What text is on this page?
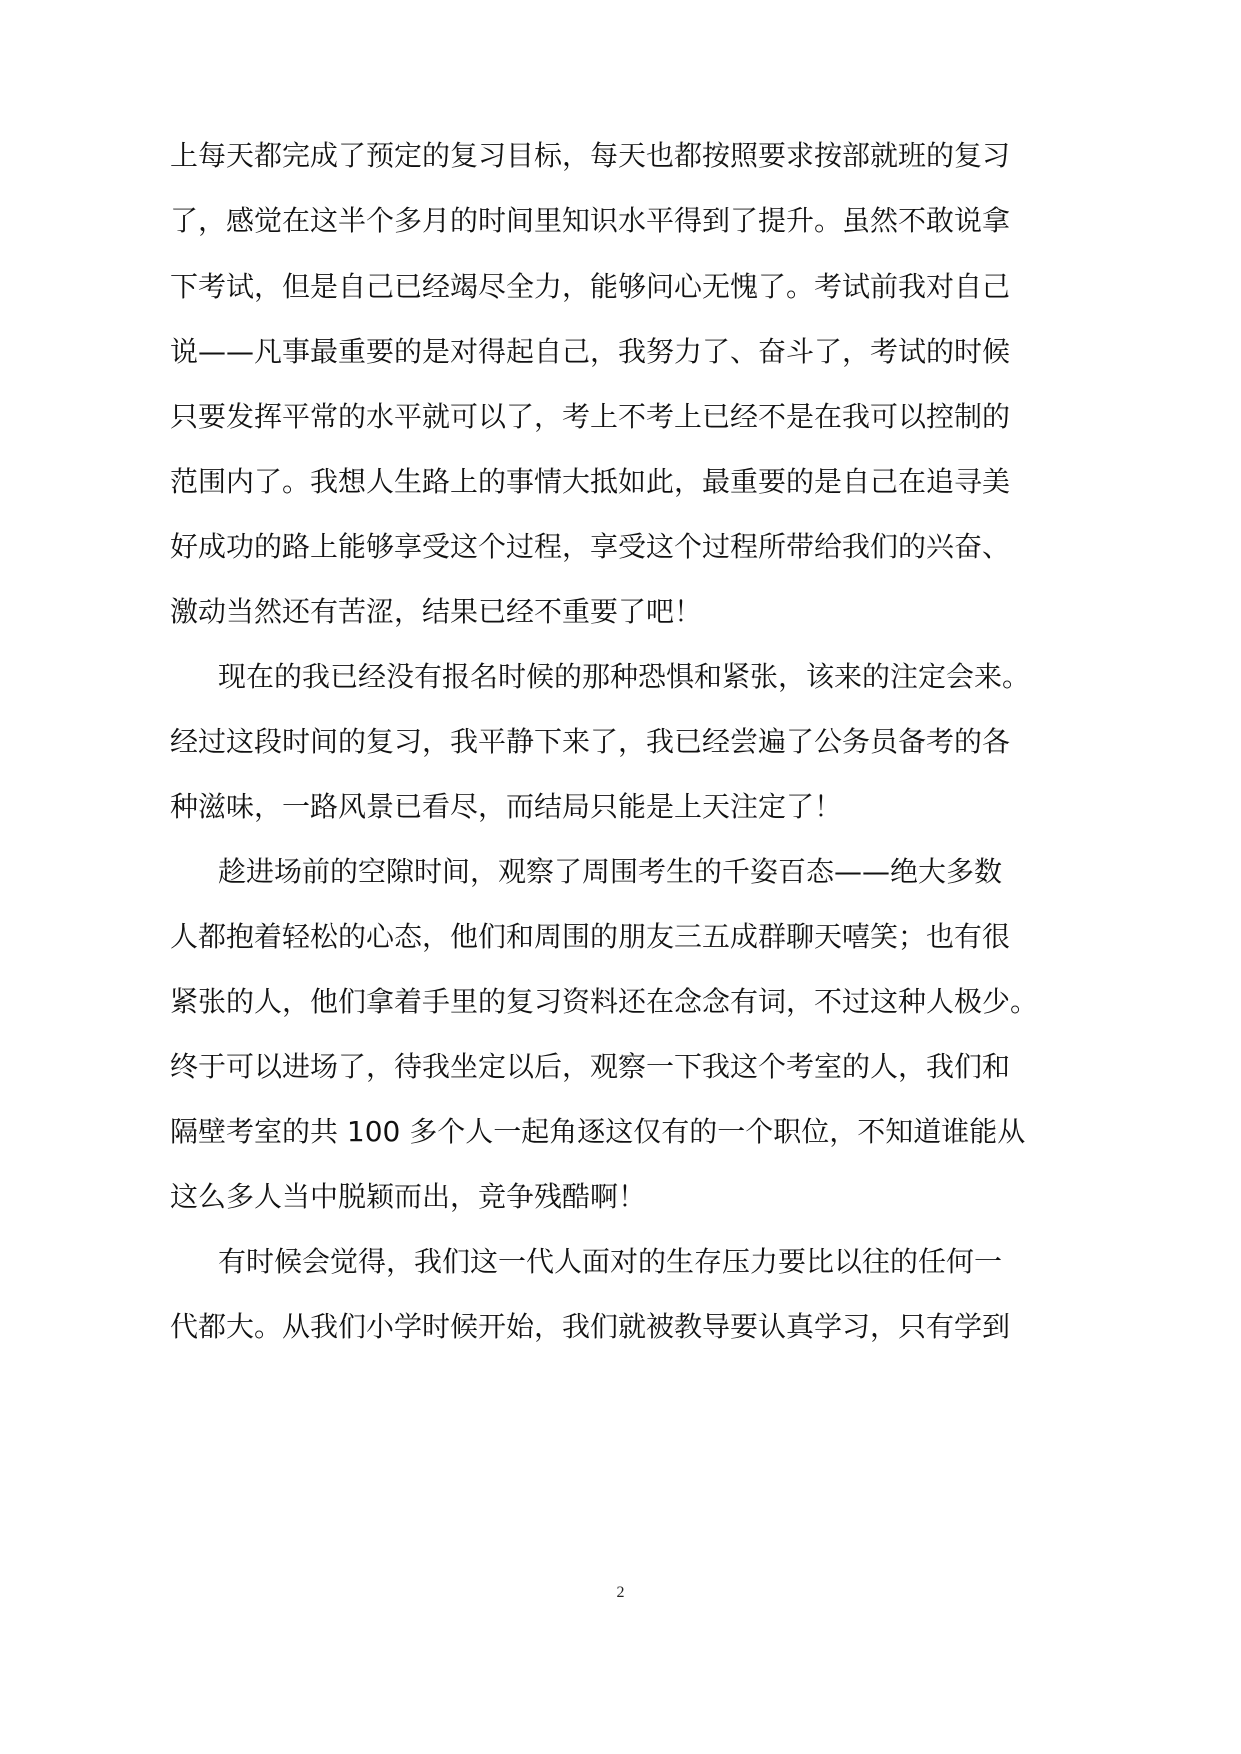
上每天都完成了预定的复习目标，每天也都按照要求按部就班的复习
了，感觉在这半个多月的时间里知识水平得到了提升。虽然不敢说拿
下考试，但是自己已经竭尽全力，能够问心无愧了。考试前我对自己
说——凡事最重要的是对得起自己，我努力了、奋斗了，考试的时候
只要发挥平常的水平就可以了，考上不考上已经不是在我可以控制的
范围内了。我想人生路上的事情大抵如此，最重要的是自己在追寻美
好成功的路上能够享受这个过程，享受这个过程所带给我们的兴奋、
激动当然还有苦涩，结果已经不重要了吧！
现在的我已经没有报名时候的那种恐惧和紧张，该来的注定会来。
经过这段时间的复习，我平静下来了，我已经尝遍了公务员备考的各
种滋味，一路风景已看尽，而结局只能是上天注定了！
趁进场前的空隙时间，观察了周围考生的千姿百态——绝大多数
人都抱着轻松的心态，他们和周围的朋友三五成群聊天嘻笑；也有很
紧张的人，他们拿着手里的复习资料还在念念有词，不过这种人极少。
终于可以进场了，待我坐定以后，观察一下我这个考室的人，我们和
隔壁考室的共 100 多个人一起角逐这仅有的一个职位，不知道谁能从
这么多人当中脱颖而出，竞争残酷啊！
有时候会觉得，我们这一代人面对的生存压力要比以往的任何一
代都大。从我们小学时候开始，我们就被教导要认真学习，只有学到
2
